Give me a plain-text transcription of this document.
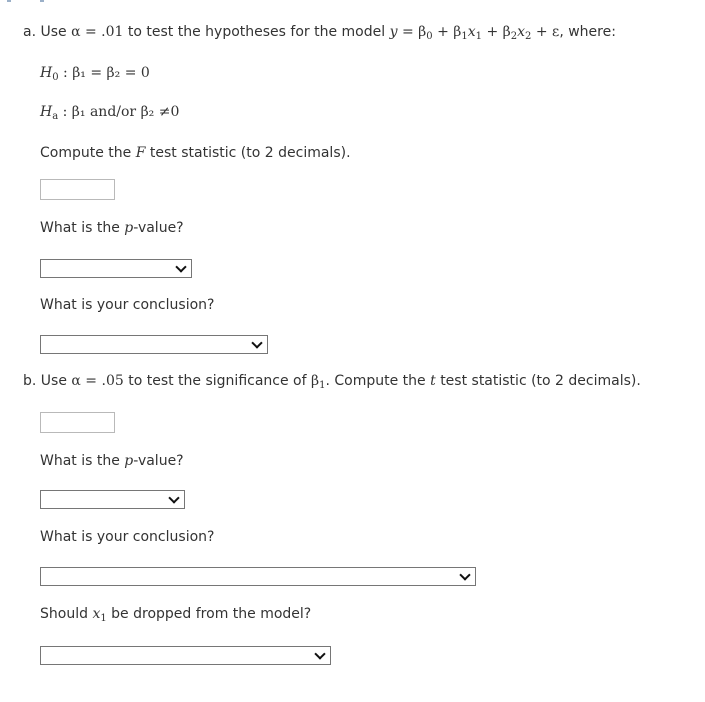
a. Use α = .01 to test the hypotheses for the model $y = \beta_0 + \beta_1x_1 + \beta_2x_2 + \varepsilon$, where:
$H_0$ : β₁ = β₂ = 0
$H_a$ : β₁ and/or β₂ ≠0
Compute the F test statistic (to 2 decimals).
What is the p-value?
What is your conclusion?
b. Use α = .05 to test the significance of $\beta_1$. Compute the t test statistic (to 2 decimals).
What is the p-value?
What is your conclusion?
Should $x_1$ be dropped from the model?
